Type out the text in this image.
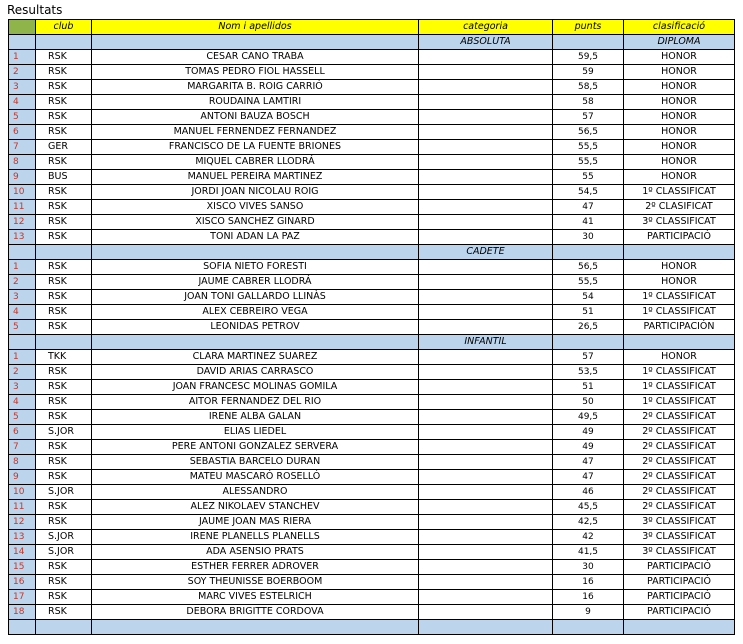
Resultats
	club	Nom i apellidos	categoria	punts	clasificació
			ABSOLUTA		DIPLOMA
1	RSK	CESAR CANO TRABA		59,5	HONOR
2	RSK	TOMAS PEDRO FIOL HASSELL		59	HONOR
3	RSK	MARGARITA B. ROIG CARRIÓ		58,5	HONOR
4	RSK	ROUDAINA LAMTIRI		58	HONOR
5	RSK	ANTONI BAUZA BOSCH		57	HONOR
6	RSK	MANUEL FERNENDEZ FERNANDEZ		56,5	HONOR
7	GER	FRANCISCO DE LA FUENTE BRIONES		55,5	HONOR
8	RSK	MIQUEL CABRER LLODRÁ		55,5	HONOR
9	BUS	MANUEL PEREIRA MARTINEZ		55	HONOR
10	RSK	JORDI JOAN NICOLAU ROIG		54,5	1º CLASSIFICAT
11	RSK	XISCO VIVES SANSO		47	2º CLASIFICAT
12	RSK	XISCO SANCHEZ GINARD		41	3º CLASSIFICAT
13	RSK	TONI ADAN LA PAZ		30	PARTICIPACIÓ
			CADETE		
1	RSK	SOFIA NIETO FORESTI		56,5	HONOR
2	RSK	JAUME CABRER LLODRÁ		55,5	HONOR
3	RSK	JOAN TONI GALLARDO LLINÀS		54	1º CLASSIFICAT
4	RSK	ALEX CEBREIRO VEGA		51	1º CLASSIFICAT
5	RSK	LEONIDAS PETROV		26,5	PARTICIPACIÓN
			INFANTIL		
1	TKK	CLARA MARTINEZ SUAREZ		57	HONOR
2	RSK	DAVID ARIAS CARRASCO		53,5	1º CLASSIFICAT
3	RSK	JOAN FRANCESC MOLINAS GOMILA		51	1º CLASSIFICAT
4	RSK	AITOR FERNANDEZ DEL RIO		50	1º CLASSIFICAT
5	RSK	IRENE ALBA GALAN		49,5	2º CLASSIFICAT
6	S.JOR	ELIAS LIEDEL		49	2º CLASSIFICAT
7	RSK	PERE ANTONI GONZALEZ SERVERA		49	2º CLASSIFICAT
8	RSK	SEBASTIA BARCELO DURAN		47	2º CLASSIFICAT
9	RSK	MATEU MASCARÓ ROSELLÓ		47	2º CLASSIFICAT
10	S.JOR	ALESSANDRO		46	2º CLASSIFICAT
11	RSK	ALEZ NIKOLAEV STANCHEV		45,5	2º CLASSIFICAT
12	RSK	JAUME JOAN MAS RIERA		42,5	3º CLASSIFICAT
13	S.JOR	IRENE PLANELLS PLANELLS		42	3º CLASSIFICAT
14	S.JOR	ADA ASENSIO PRATS		41,5	3º CLASSIFICAT
15	RSK	ESTHER FERRER ADROVER		30	PARTICIPACIÓ
16	RSK	SOY THEUNISSE BOERBOOM		16	PARTICIPACIÓ
17	RSK	MARC VIVES ESTELRICH		16	PARTICIPACIÓ
18	RSK	DEBORA BRIGITTE CORDOVA		9	PARTICIPACIÓ
